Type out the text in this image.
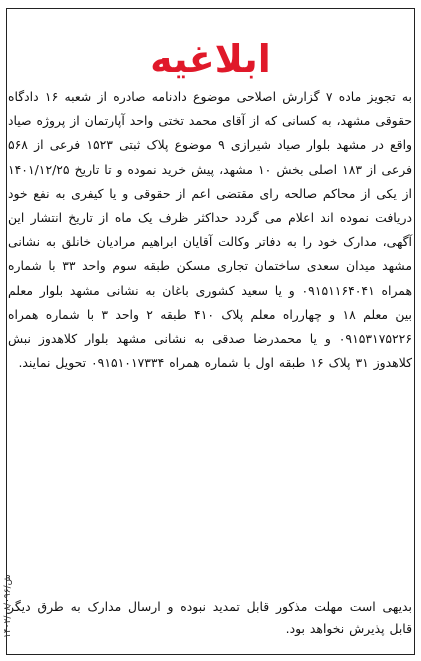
ابلاغیه

به تجویز ماده ۷ گزارش اصلاحی موضوع دادنامه صادره از شعبه ۱۶ دادگاه حقوقی مشهد، به کسانی که از آقای محمد تختی واحد آپارتمان از پروژه صیاد واقع در مشهد بلوار صیاد شیرازی ۹ موضوع پلاک ثبتی ۱۵۲۳ فرعی از ۵۶۸ فرعی از ۱۸۳ اصلی بخش ۱۰ مشهد، پیش خرید نموده و تا تاریخ ۱۴۰۱/۱۲/۲۵ از یکی از محاکم صالحه رای مقتضی اعم از حقوقی و یا کیفری به نفع خود دریافت نموده اند اعلام می گردد حداکثر ظرف یک ماه از تاریخ انتشار این آگهی، مدارک خود را به دفاتر وکالت آقایان ابراهیم مرادیان خانلق به نشانی مشهد میدان سعدی ساختمان تجاری مسکن طبقه سوم واحد ۳۳ با شماره همراه ۰۹۱۵۱۱۶۴۰۴۱ و یا سعید کشوری باغان به نشانی مشهد بلوار معلم بین معلم ۱۸ و چهارراه معلم پلاک ۴۱۰ طبقه ۲ واحد ۳ با شماره همراه ۰۹۱۵۳۱۷۵۲۲۶ و یا محمدرضا صدقی به نشانی مشهد بلوار کلاهدوز نبش کلاهدوز ۳۱ پلاک ۱۶ طبقه اول با شماره همراه ۰۹۱۵۱۰۱۷۳۳۴ تحویل نمایند.

بدیهی است مهلت مذکور قابل تمدید نبوده و ارسال مدارک به طرق دیگر قابل پذیرش نخواهد بود.
ش/۱۴۰۲/۰۸/۰۹۶
